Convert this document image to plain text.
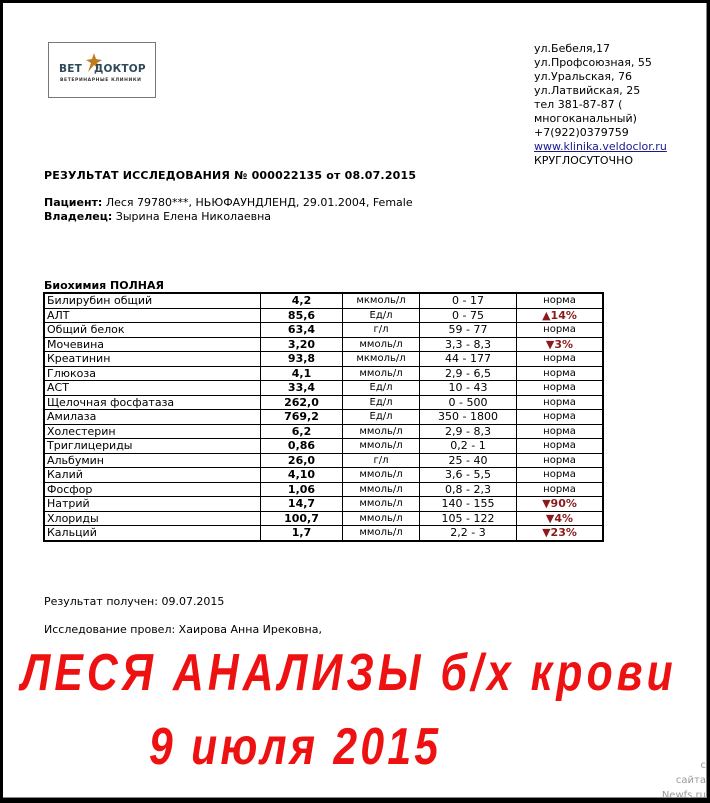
ВЕТ ДОКТОР
ВЕТЕРИНАРНЫЕ КЛИНИКИ
ул.Бебеля,17
ул.Профсоюзная, 55
ул.Уральская, 76
ул.Латвийская, 25
тел 381-87-87 (
многоканальный)
+7(922)0379759
www.klinika.veldoclor.ru
КРУГЛОСУТОЧНО
РЕЗУЛЬТАТ ИССЛЕДОВАНИЯ № 000022135 от 08.07.2015
Пациент: Леся 79780***, НЬЮФАУНДЛЕНД, 29.01.2004, Female
Владелец: Зырина Елена Николаевна
Биохимия ПОЛНАЯ
Билирубин общий	4,2	мкмоль/л	0 - 17	норма
АЛТ	85,6	Ед/л	0 - 75	▲14%
Общий белок	63,4	г/л	59 - 77	норма
Мочевина	3,20	ммоль/л	3,3 - 8,3	▼3%
Креатинин	93,8	мкмоль/л	44 - 177	норма
Глюкоза	4,1	ммоль/л	2,9 - 6,5	норма
АСТ	33,4	Ед/л	10 - 43	норма
Щелочная фосфатаза	262,0	Ед/л	0 - 500	норма
Амилаза	769,2	Ед/л	350 - 1800	норма
Холестерин	6,2	ммоль/л	2,9 - 8,3	норма
Триглицериды	0,86	ммоль/л	0,2 - 1	норма
Альбумин	26,0	г/л	25 - 40	норма
Калий	4,10	ммоль/л	3,6 - 5,5	норма
Фосфор	1,06	ммоль/л	0,8 - 2,3	норма
Натрий	14,7	ммоль/л	140 - 155	▼90%
Хлориды	100,7	ммоль/л	105 - 122	▼4%
Кальций	1,7	ммоль/л	2,2 - 3	▼23%
Результат получен: 09.07.2015
Исследование провел: Хаирова Анна Ирековна,
ЛЕСЯ АНАЛИЗЫ б/х крови
9 июля 2015	с
сайта
Newfs.ru
